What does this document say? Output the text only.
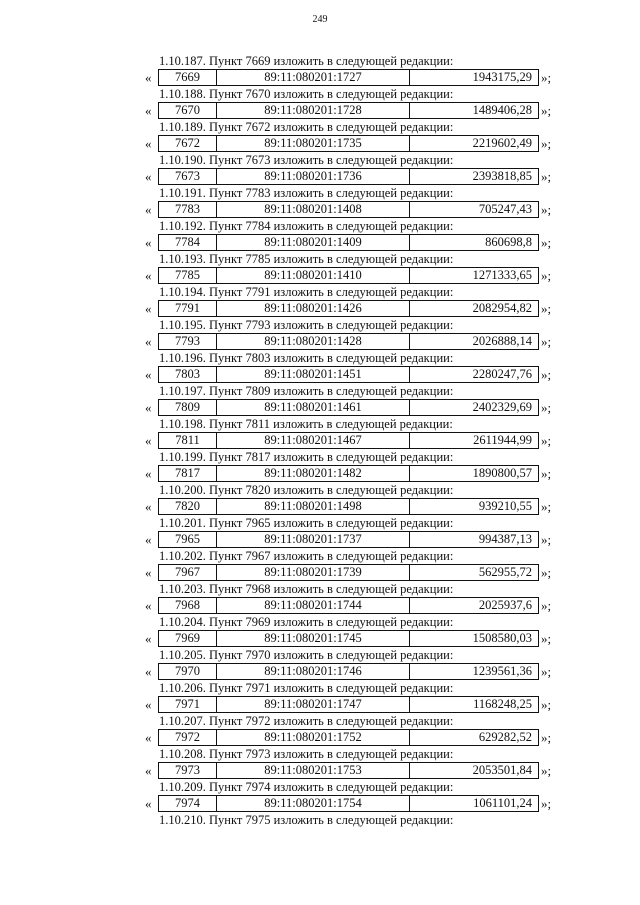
249
1.10.187. Пункт 7669 изложить в следующей редакции:
«	7669	89:11:080201:1727	1943175,29 »;
1.10.188. Пункт 7670 изложить в следующей редакции:
«	7670	89:11:080201:1728	1489406,28 »;
1.10.189. Пункт 7672 изложить в следующей редакции:
«	7672	89:11:080201:1735	2219602,49 »;
1.10.190. Пункт 7673 изложить в следующей редакции:
«	7673	89:11:080201:1736	2393818,85 »;
1.10.191. Пункт 7783 изложить в следующей редакции:
«	7783	89:11:080201:1408	705247,43 »;
1.10.192. Пункт 7784 изложить в следующей редакции:
«	7784	89:11:080201:1409	860698,8 »;
1.10.193. Пункт 7785 изложить в следующей редакции:
«	7785	89:11:080201:1410	1271333,65 »;
1.10.194. Пункт 7791 изложить в следующей редакции:
«	7791	89:11:080201:1426	2082954,82 »;
1.10.195. Пункт 7793 изложить в следующей редакции:
«	7793	89:11:080201:1428	2026888,14 »;
1.10.196. Пункт 7803 изложить в следующей редакции:
«	7803	89:11:080201:1451	2280247,76 »;
1.10.197. Пункт 7809 изложить в следующей редакции:
«	7809	89:11:080201:1461	2402329,69 »;
1.10.198. Пункт 7811 изложить в следующей редакции:
«	7811	89:11:080201:1467	2611944,99 »;
1.10.199. Пункт 7817 изложить в следующей редакции:
«	7817	89:11:080201:1482	1890800,57 »;
1.10.200. Пункт 7820 изложить в следующей редакции:
«	7820	89:11:080201:1498	939210,55 »;
1.10.201. Пункт 7965 изложить в следующей редакции:
«	7965	89:11:080201:1737	994387,13 »;
1.10.202. Пункт 7967 изложить в следующей редакции:
«	7967	89:11:080201:1739	562955,72 »;
1.10.203. Пункт 7968 изложить в следующей редакции:
«	7968	89:11:080201:1744	2025937,6 »;
1.10.204. Пункт 7969 изложить в следующей редакции:
«	7969	89:11:080201:1745	1508580,03 »;
1.10.205. Пункт 7970 изложить в следующей редакции:
«	7970	89:11:080201:1746	1239561,36 »;
1.10.206. Пункт 7971 изложить в следующей редакции:
«	7971	89:11:080201:1747	1168248,25 »;
1.10.207. Пункт 7972 изложить в следующей редакции:
«	7972	89:11:080201:1752	629282,52 »;
1.10.208. Пункт 7973 изложить в следующей редакции:
«	7973	89:11:080201:1753	2053501,84 »;
1.10.209. Пункт 7974 изложить в следующей редакции:
«	7974	89:11:080201:1754	1061101,24 »;
1.10.210. Пункт 7975 изложить в следующей редакции:
